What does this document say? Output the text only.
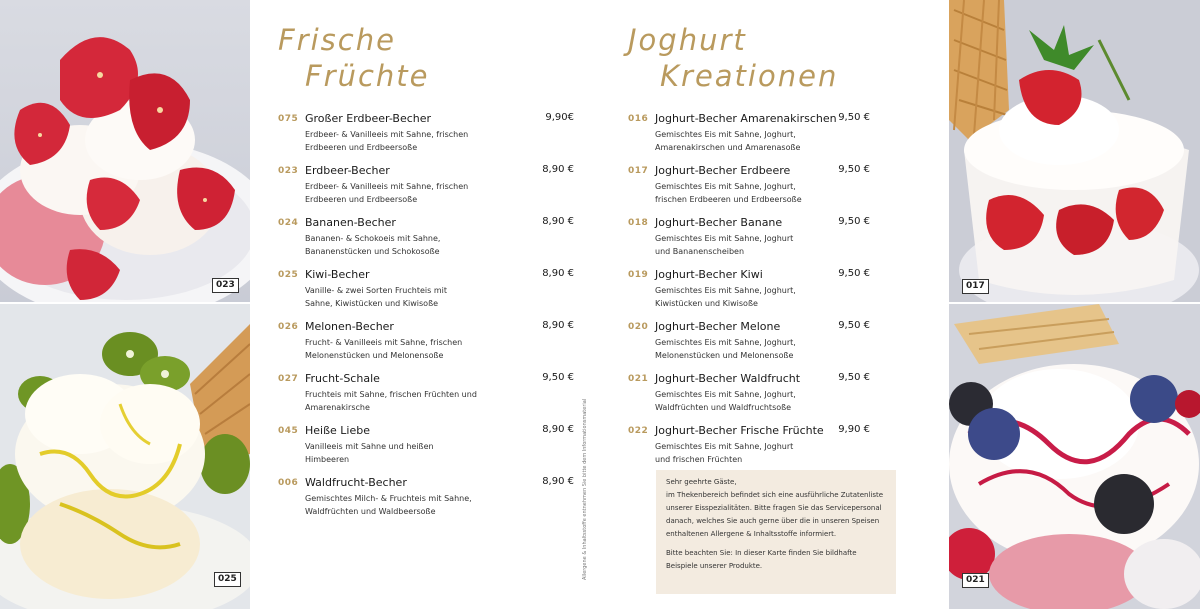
023
025
017
021
Frische
Früchte
075 Großer Erdbeer-Becher	9,90€
Erdbeer- & Vanilleeis mit Sahne, frischen
Erdbeeren und Erdbeersoße
023 Erdbeer-Becher	8,90 €
Erdbeer- & Vanilleeis mit Sahne, frischen
Erdbeeren und Erdbeersoße
024 Bananen-Becher	8,90 €
Bananen- & Schokoeis mit Sahne,
Bananenstücken und Schokosoße
025 Kiwi-Becher	8,90 €
Vanille- & zwei Sorten Fruchteis mit
Sahne, Kiwistücken und Kiwisoße
026 Melonen-Becher	8,90 €
Frucht- & Vanilleeis mit Sahne, frischen
Melonenstücken und Melonensoße
027 Frucht-Schale	9,50 €
Fruchteis mit Sahne, frischen Früchten und
Amarenakirsche
045 Heiße Liebe	8,90 €
Vanilleeis mit Sahne und heißen
Himbeeren
006 Waldfrucht-Becher	8,90 €
Gemischtes Milch- & Fruchteis mit Sahne,
Waldfrüchten und Waldbeersoße	Allergene & Inhaltsstoffe entnehmen Sie bitte dem Informationsmaterial
Joghurt
Kreationen
016 Joghurt-Becher Amarenakirschen 9,50 €
Gemischtes Eis mit Sahne, Joghurt,
Amarenakirschen und Amarenasoße
017 Joghurt-Becher Erdbeere	9,50 €
Gemischtes Eis mit Sahne, Joghurt,
frischen Erdbeeren und Erdbeersoße
018 Joghurt-Becher Banane	9,50 €
Gemischtes Eis mit Sahne, Joghurt
und Bananenscheiben
019 Joghurt-Becher Kiwi	9,50 €
Gemischtes Eis mit Sahne, Joghurt,
Kiwistücken und Kiwisoße
020 Joghurt-Becher Melone	9,50 €
Gemischtes Eis mit Sahne, Joghurt,
Melonenstücken und Melonensoße
021 Joghurt-Becher Waldfrucht	9,50 €
Gemischtes Eis mit Sahne, Joghurt,
Waldfrüchten und Waldfruchtsoße
022 Joghurt-Becher Frische Früchte 9,90 €
Gemischtes Eis mit Sahne, Joghurt
und frischen Früchten

Sehr geehrte Gäste,

im Thekenbereich befindet sich eine ausführliche Zutatenliste

unserer Eisspezialitäten. Bitte fragen Sie das Servicepersonal

danach, welches Sie auch gerne über die in unseren Speisen

enthaltenen Allergene & Inhaltsstoffe informiert.

Bitte beachten Sie: In dieser Karte finden Sie bildhafte

Beispiele unserer Produkte.
